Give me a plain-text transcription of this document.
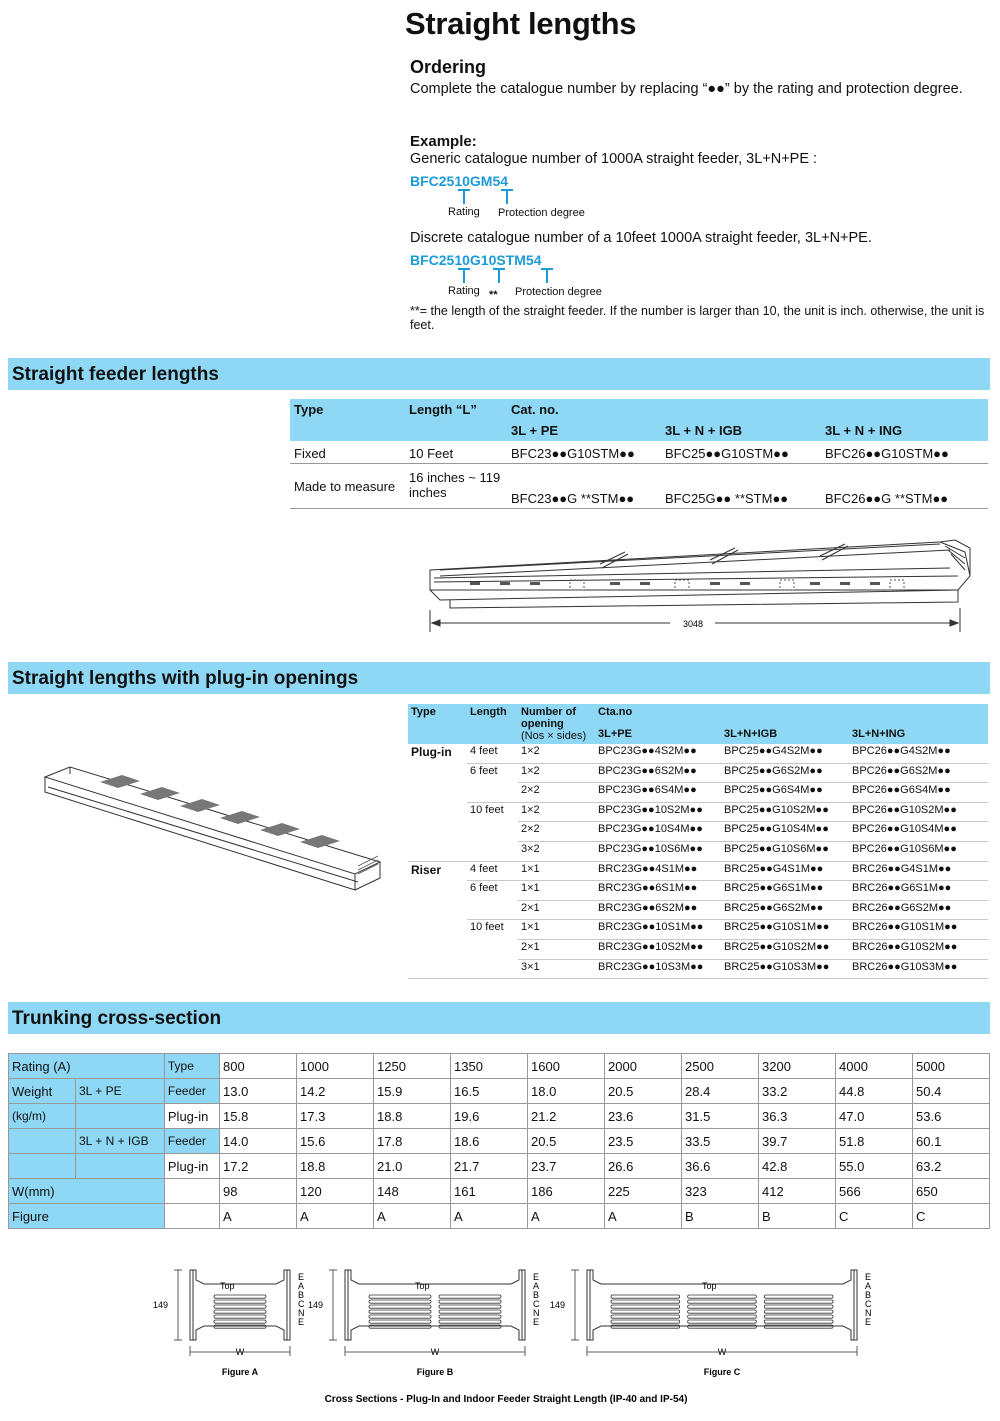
Straight lengths
Ordering
Complete the catalogue number by replacing “●●” by the rating and protection degree.
Example:
Generic catalogue number of 1000A straight feeder, 3L+N+PE :
BFC2510GM54
Rating Protection degree
Discrete catalogue number of a 10feet 1000A straight feeder, 3L+N+PE.
BFC2510G10STM54
Rating ** Protection degree
**= the length of the straight feeder. If the number is larger than 10, the unit is inch. otherwise, the unit is feet.
Straight feeder lengths
Type	Length “L”	Cat. no.		
		3L + PE	3L + N + IGB	3L + N + ING
Fixed	10 Feet	BFC23●●G10STM●●	BFC25●●G10STM●●	BFC26●●G10STM●●
Made to measure	16 inches ~ 119 inches	BFC23●●G **STM●●	BFC25G●● **STM●●	BFC26●●G **STM●●
3048
Straight lengths with plug-in openings
Type	Length	Number of opening
(Nos × sides)	Cta.no		
			3L+PE	3L+N+IGB	3L+N+ING
Plug-in	4 feet	1×2	BPC23G●●4S2M●●	BPC25●●G4S2M●●	BPC26●●G4S2M●●
	6 feet	1×2	BPC23G●●6S2M●●	BPC25●●G6S2M●●	BPC26●●G6S2M●●
		2×2	BPC23G●●6S4M●●	BPC25●●G6S4M●●	BPC26●●G6S4M●●
	10 feet	1×2	BPC23G●●10S2M●●	BPC25●●G10S2M●●	BPC26●●G10S2M●●
		2×2	BPC23G●●10S4M●●	BPC25●●G10S4M●●	BPC26●●G10S4M●●
		3×2	BPC23G●●10S6M●●	BPC25●●G10S6M●●	BPC26●●G10S6M●●
Riser	4 feet	1×1	BRC23G●●4S1M●●	BRC25●●G4S1M●●	BRC26●●G4S1M●●
	6 feet	1×1	BRC23G●●6S1M●●	BRC25●●G6S1M●●	BRC26●●G6S1M●●
		2×1	BRC23G●●6S2M●●	BRC25●●G6S2M●●	BRC26●●G6S2M●●
	10 feet	1×1	BRC23G●●10S1M●●	BRC25●●G10S1M●●	BRC26●●G10S1M●●
		2×1	BRC23G●●10S2M●●	BRC25●●G10S2M●●	BRC26●●G10S2M●●
		3×1	BRC23G●●10S3M●●	BRC25●●G10S3M●●	BRC26●●G10S3M●●
Trunking cross-section
Rating (A)		Type	800	1000	1250	1350	1600	2000	2500	3200	4000	5000
Weight	3L + PE	Feeder	13.0	14.2	15.9	16.5	18.0	20.5	28.4	33.2	44.8	50.4
(kg/m)		Plug-in	15.8	17.3	18.8	19.6	21.2	23.6	31.5	36.3	47.0	53.6
	3L + N + IGB	Feeder	14.0	15.6	17.8	18.6	20.5	23.5	33.5	39.7	51.8	60.1
		Plug-in	17.2	18.8	21.0	21.7	23.7	26.6	36.6	42.8	55.0	63.2
W(mm)			98	120	148	161	186	225	323	412	566	650
Figure			A	A	A	A	A	A	B	B	C	C
Top
149
W
E
A
B
C
N
E
Figure A
Top
149
W
E
A
B
C
N
E
Figure B
Top
149
W
E
A
B
C
N
E
Figure C
Cross Sections - Plug-In and Indoor Feeder Straight Length (IP-40 and IP-54)
